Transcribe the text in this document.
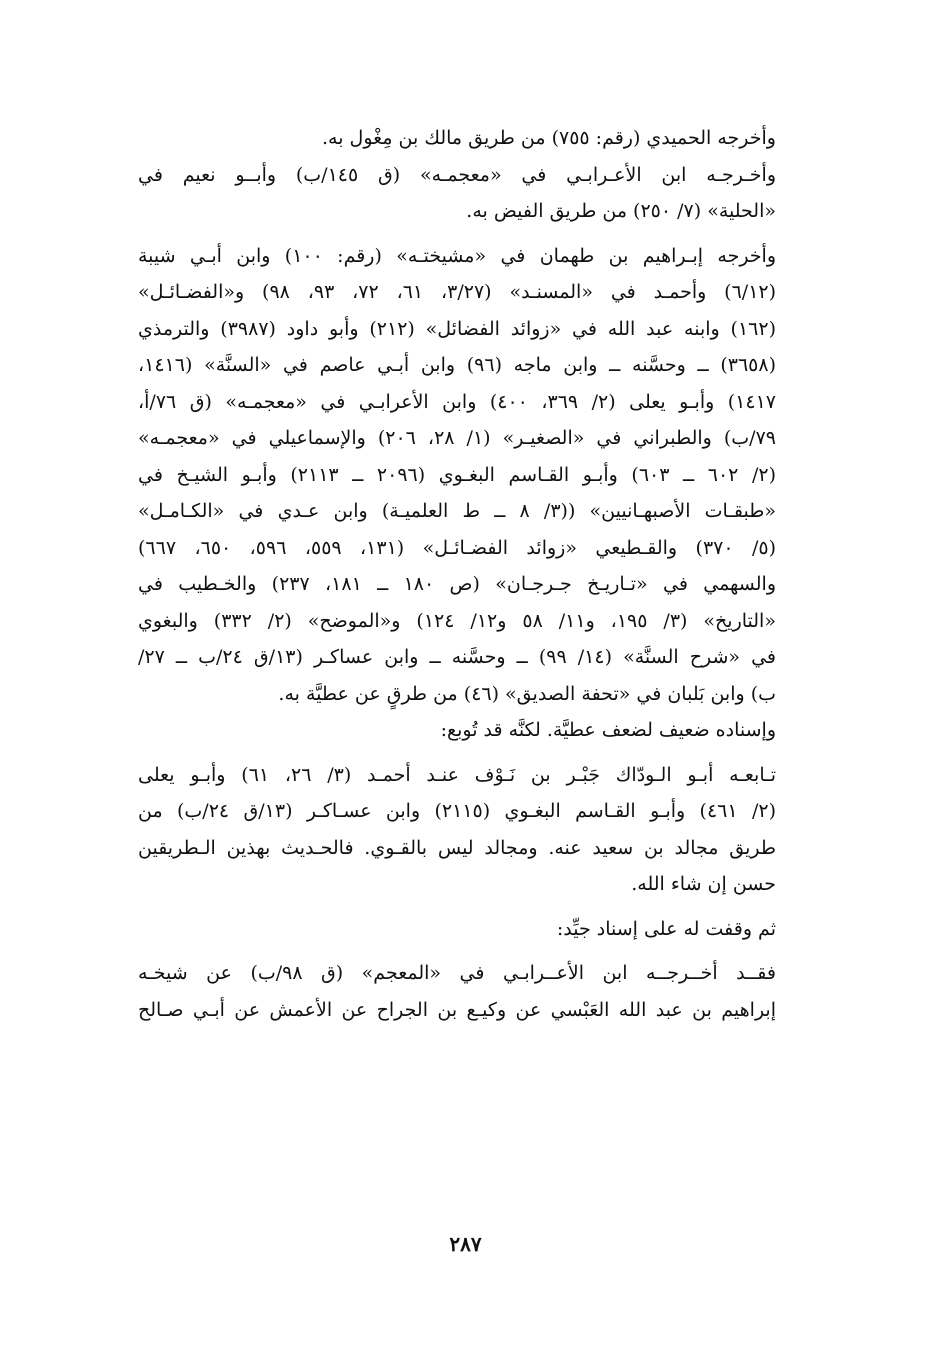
وأخرجه الحميدي (رقم: ٧٥٥) من طريق مالك بن مِغْول به.

وأخـرجـه ابن الأعـرابـي في «معجمـه» (ق ١٤٥/ب) وأبــو نعيم في
«الحلية» (٧/ ٢٥٠) من طريق الفيض به.

وأخرجه إبـراهيم بن طهمان في «مشيختـه» (رقم: ١٠٠) وابن أبـي شيبة
(٦/١٢) وأحمـد في «المسنـد» (٣/٢٧، ٦١، ٧٢، ٩٣، ٩٨) و«الفضـائـل»
(١٦٢) وابنه عبد الله في «زوائد الفضائل» (٢١٢) وأبو داود (٣٩٨٧) والترمذي
(٣٦٥٨) ــ وحسَّنه ــ وابن ماجه (٩٦) وابن أبـي عاصم في «السنَّة» (١٤١٦،
١٤١٧) وأبـو يعلى (٢/ ٣٦٩، ٤٠٠) وابن الأعرابـي في «معجمـه» (ق ٧٦/أ،
٧٩/ب) والطبراني في «الصغيـر» (١/ ٢٨، ٢٠٦) والإسماعيلي في «معجمـه»
(٢/ ٦٠٢ ــ ٦٠٣) وأبـو القـاسم البغـوي (٢٠٩٦ ــ ٢١١٣) وأبـو الشيـخ في
«طبقـات الأصبهـانيين» ((٣/ ٨ ــ ط العلميـة) وابن عـدي في «الكـامـل»
(٥/ ٣٧٠) والقـطيعي «زوائد الفضـائـل» (١٣١، ٥٥٩، ٥٩٦، ٦٥٠، ٦٦٧)
والسهمي في «تـاريـخ جـرجـان» (ص ١٨٠ ــ ١٨١، ٢٣٧) والخـطيب في
«التاريخ» (٣/ ١٩٥، و١١/ ٥٨ و١٢/ ١٢٤) و«الموضح» (٢/ ٣٣٢) والبغوي
في «شرح السنَّة» (١٤/ ٩٩) ــ وحسَّنه ــ وابن عساكـر (١٣/ق ٢٤/ب ــ ٢٧/
ب) وابن بَلبان في «تحفة الصديق» (٤٦) من طرقٍ عن عطيَّة به.

وإسناده ضعيف لضعف عطيَّة. لكنَّه قد تُوبع:

تـابعـه أبـو الـودّاك جَبْـر بن نَـوْف عنـد أحمـد (٣/ ٢٦، ٦١) وأبـو يعلى
(٢/ ٤٦١) وأبـو القـاسم البغـوي (٢١١٥) وابن عسـاكـر (١٣/ق ٢٤/ب) من
طريق مجالد بن سعيد عنه. ومجالد ليس بالقـوي. فالحـديث بهذين الـطريقين
حسن إن شاء الله.

ثم وقفت له على إسناد جيِّد:

فقــد أخــرجــه ابن الأعــرابـي في «المعجم» (ق ٩٨/ب) عن شيخـه
إبراهيم بن عبد الله العَبْسي عن وكيـع بن الجراح عن الأعمش عن أبـي صـالح

٢٨٧
